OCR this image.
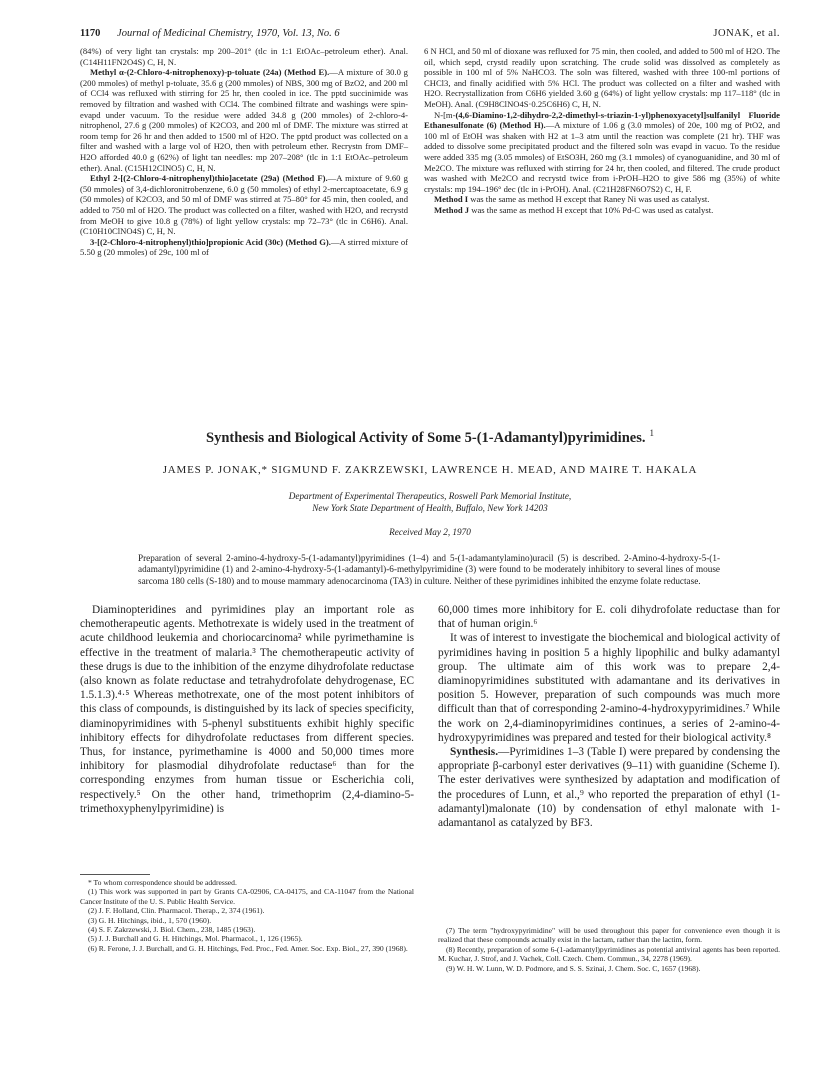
1170 Journal of Medicinal Chemistry, 1970, Vol. 13, No. 6	JONAK, et al.

(84%) of very light tan crystals: mp 200–201° (tlc in 1:1 EtOAc–petroleum ether). Anal. (C14H11FN2O4S) C, H, N.

Methyl α-(2-Chloro-4-nitrophenoxy)-p-toluate (24a) (Method E).—A mixture of 30.0 g (200 mmoles) of methyl p-toluate, 35.6 g (200 mmoles) of NBS, 300 mg of BzO2, and 200 ml of CCl4 was refluxed with stirring for 25 hr, then cooled in ice. The pptd succinimide was removed by filtration and washed with CCl4. The combined filtrate and washings were spin-evapd under vacuum. To the residue were added 34.8 g (200 mmoles) of 2-chloro-4-nitrophenol, 27.6 g (200 mmoles) of K2CO3, and 200 ml of DMF. The mixture was stirred at room temp for 26 hr and then added to 1500 ml of H2O. The pptd product was collected on a filter and washed with a large vol of H2O, then with petroleum ether. Recrystn from DMF–H2O afforded 40.0 g (62%) of light tan needles: mp 207–208° (tlc in 1:1 EtOAc–petroleum ether). Anal. (C15H12ClNO5) C, H, N.

Ethyl 2-[(2-Chloro-4-nitrophenyl)thio]acetate (29a) (Method F).—A mixture of 9.60 g (50 mmoles) of 3,4-dichloronitrobenzene, 6.0 g (50 mmoles) of ethyl 2-mercaptoacetate, 6.9 g (50 mmoles) of K2CO3, and 50 ml of DMF was stirred at 75–80° for 45 min, then cooled, and added to 750 ml of H2O. The product was collected on a filter, washed with H2O, and recrystd from MeOH to give 10.8 g (78%) of light yellow crystals: mp 72–73° (tlc in C6H6). Anal. (C10H10ClNO4S) C, H, N.

3-[(2-Chloro-4-nitrophenyl)thio]propionic Acid (30c) (Method G).—A stirred mixture of 5.50 g (20 mmoles) of 29c, 100 ml of

6 N HCl, and 50 ml of dioxane was refluxed for 75 min, then cooled, and added to 500 ml of H2O. The oil, which sepd, crystd readily upon scratching. The crude solid was dissolved as completely as possible in 100 ml of 5% NaHCO3. The soln was filtered, washed with three 100-ml portions of CHCl3, and finally acidified with 5% HCl. The product was collected on a filter and washed with H2O. Recrystallization from C6H6 yielded 3.60 g (64%) of light yellow crystals: mp 117–118° (tlc in MeOH). Anal. (C9H8ClNO4S·0.25C6H6) C, H, N.

N-[m-(4,6-Diamino-1,2-dihydro-2,2-dimethyl-s-triazin-1-yl)phenoxyacetyl]sulfanilyl Fluoride Ethanesulfonate (6) (Method H).—A mixture of 1.06 g (3.0 mmoles) of 20e, 100 mg of PtO2, and 100 ml of EtOH was shaken with H2 at 1–3 atm until the reaction was complete (21 hr). THF was added to dissolve some precipitated product and the filtered soln was evapd in vacuo. To the residue were added 335 mg (3.05 mmoles) of EtSO3H, 260 mg (3.1 mmoles) of cyanoguanidine, and 30 ml of Me2CO. The mixture was refluxed with stirring for 24 hr, then cooled, and filtered. The crude product was washed with Me2CO and recrystd twice from i-PrOH–H2O to give 586 mg (35%) of white crystals: mp 194–196° dec (tlc in i-PrOH). Anal. (C21H28FN6O7S2) C, H, F.

Method I was the same as method H except that Raney Ni was used as catalyst.

Method J was the same as method H except that 10% Pd-C was used as catalyst.

Synthesis and Biological Activity of Some 5-(1-Adamantyl)pyrimidines. $^1$
JAMES P. JONAK,* SIGMUND F. ZAKRZEWSKI, LAWRENCE H. MEAD, AND MAIRE T. HAKALA
Department of Experimental Therapeutics, Roswell Park Memorial Institute,
New York State Department of Health, Buffalo, New York 14203
Received May 2, 1970
Preparation of several 2-amino-4-hydroxy-5-(1-adamantyl)pyrimidines (1–4) and 5-(1-adamantylamino)uracil (5) is described. 2-Amino-4-hydroxy-5-(1-adamantyl)pyrimidine (1) and 2-amino-4-hydroxy-5-(1-adamantyl)-6-methylpyrimidine (3) were found to be moderately inhibitory to several lines of mouse sarcoma 180 cells (S-180) and to mouse mammary adenocarcinoma (TA3) in culture. Neither of these pyrimidines inhibited the enzyme folate reductase.

Diaminopteridines and pyrimidines play an important role as chemotherapeutic agents. Methotrexate is widely used in the treatment of acute childhood leukemia and choriocarcinoma² while pyrimethamine is effective in the treatment of malaria.³ The chemotherapeutic activity of these drugs is due to the inhibition of the enzyme dihydrofolate reductase (also known as folate reductase and tetrahydrofolate dehydrogenase, EC 1.5.1.3).⁴·⁵ Whereas methotrexate, one of the most potent inhibitors of this class of compounds, is distinguished by its lack of species specificity, diaminopyrimidines with 5-phenyl substituents exhibit highly specific inhibitory effects for dihydrofolate reductases from different species. Thus, for instance, pyrimethamine is 4000 and 50,000 times more inhibitory for plasmodial dihydrofolate reductase⁶ than for the corresponding enzymes from human tissue or Escherichia coli, respectively.⁵ On the other hand, trimethoprim (2,4-diamino-5-trimethoxyphenylpyrimidine) is

60,000 times more inhibitory for E. coli dihydrofolate reductase than for that of human origin.⁶

It was of interest to investigate the biochemical and biological activity of pyrimidines having in position 5 a highly lipophilic and bulky adamantyl group. The ultimate aim of this work was to prepare 2,4-diaminopyrimidines substituted with adamantane and its derivatives in position 5. However, preparation of such compounds was much more difficult than that of corresponding 2-amino-4-hydroxypyrimidines.⁷ While the work on 2,4-diaminopyrimidines continues, a series of 2-amino-4-hydroxypyrimidines was prepared and tested for their biological activity.⁸

Synthesis.—Pyrimidines 1–3 (Table I) were prepared by condensing the appropriate β-carbonyl ester derivatives (9–11) with guanidine (Scheme I). The ester derivatives were synthesized by adaptation and modification of the procedures of Lunn, et al.,⁹ who reported the preparation of ethyl (1-adamantyl)malonate (10) by condensation of ethyl malonate with 1-adamantanol as catalyzed by BF3.

* To whom correspondence should be addressed.

(1) This work was supported in part by Grants CA-02906, CA-04175, and CA-11047 from the National Cancer Institute of the U. S. Public Health Service.

(2) J. F. Holland, Clin. Pharmacol. Therap., 2, 374 (1961).

(3) G. H. Hitchings, ibid., 1, 570 (1960).

(4) S. F. Zakrzewski, J. Biol. Chem., 238, 1485 (1963).

(5) J. J. Burchall and G. H. Hitchings, Mol. Pharmacol., 1, 126 (1965).

(6) R. Ferone, J. J. Burchall, and G. H. Hitchings, Fed. Proc., Fed. Amer. Soc. Exp. Biol., 27, 390 (1968).

(7) The term "hydroxypyrimidine" will be used throughout this paper for convenience even though it is realized that these compounds actually exist in the lactam, rather than the lactim, form.

(8) Recently, preparation of some 6-(1-adamantyl)pyrimidines as potential antiviral agents has been reported. M. Kuchar, J. Strof, and J. Vachek, Coll. Czech. Chem. Commun., 34, 2278 (1969).

(9) W. H. W. Lunn, W. D. Podmore, and S. S. Szinai, J. Chem. Soc. C, 1657 (1968).
